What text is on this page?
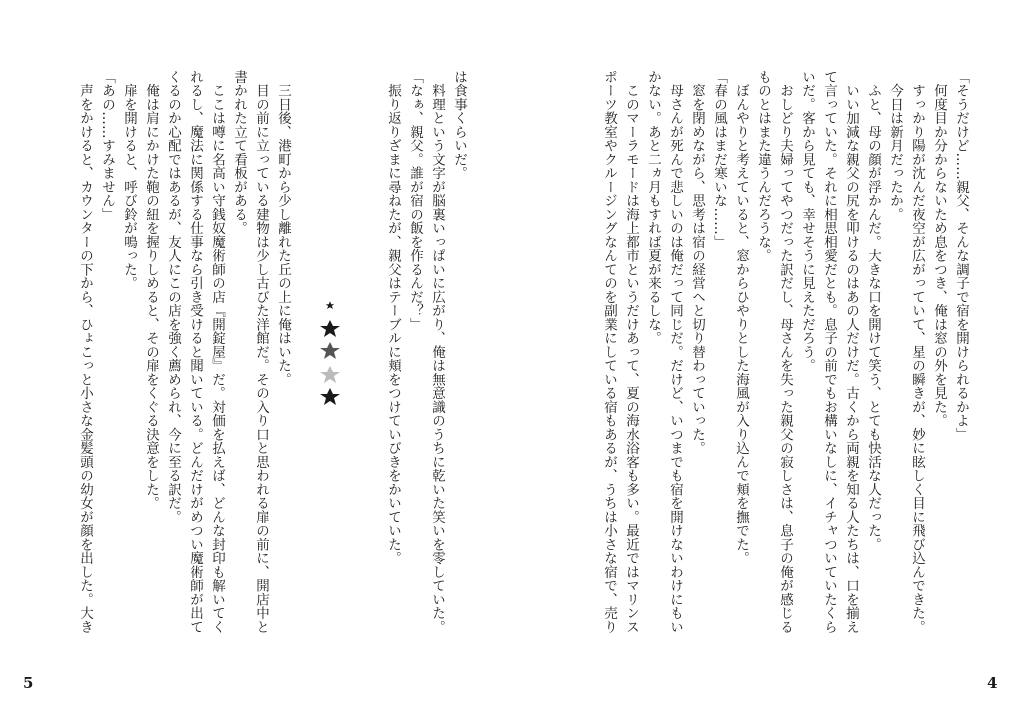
「そうだけど……親父、そんな調子で宿を開けられるかよ」
　何度目か分からないため息をつき、俺は窓の外を見た。
　すっかり陽が沈んだ夜空が広がっていて、星の瞬きが、妙に眩しく目に飛び込んできた。
　今日は新月だったか。
　ふと、母の顔が浮かんだ。大きな口を開けて笑う、とても快活な人だった。
　いい加減な親父の尻を叩けるのはあの人だけだ。古くから両親を知る人たちは、口を揃え
て言っていた。それに相思相愛だとも。息子の前でもお構いなしに、イチャついていたくら
いだ。客から見ても、幸せそうに見えただろう。
　おしどり夫婦ってやつだった訳だし、母さんを失った親父の寂しさは、息子の俺が感じる
ものとはまた違うんだろうな。
　ぼんやりと考えていると、窓からひやりとした海風が入り込んで頬を撫でた。
「春の風はまだ寒いな……」
　窓を閉めながら、思考は宿の経営へと切り替わっていった。
　母さんが死んで悲しいのは俺だって同じだ。だけど、いつまでも宿を開けないわけにもい
かない。あと二ヵ月もすれば夏が来るしな。
　このマーラモードは海上都市というだけあって、夏の海水浴客も多い。最近ではマリンス
ポーツ教室やクルージングなんてのを副業にしている宿もあるが、うちは小さな宿で、売り
4
は食事くらいだ。
　料理という文字が脳裏いっぱいに広がり、俺は無意識のうちに乾いた笑いを零していた。
「なぁ、親父。誰が宿の飯を作るんだ？」
　振り返りざまに尋ねたが、親父はテーブルに頬をつけていびきをかいていた。
　三日後、港町から少し離れた丘の上に俺はいた。
　目の前に立っている建物は少し古びた洋館だ。その入り口と思われる扉の前に、開店中と
書かれた立て看板がある。
　ここは噂に名高い守銭奴魔術師の店『開錠屋』だ。対価を払えば、どんな封印も解いてく
れるし、魔法に関係する仕事なら引き受けると聞いている。どんだけがめつい魔術師が出て
くるのか心配ではあるが、友人にこの店を強く薦められ、今に至る訳だ。
　俺は肩にかけた鞄の紐を握りしめると、その扉をくぐる決意をした。
　扉を開けると、呼び鈴が鳴った。
「あの……すみません」
　声をかけると、カウンターの下から、ひょこっと小さな金髪頭の幼女が顔を出した。大き
5
